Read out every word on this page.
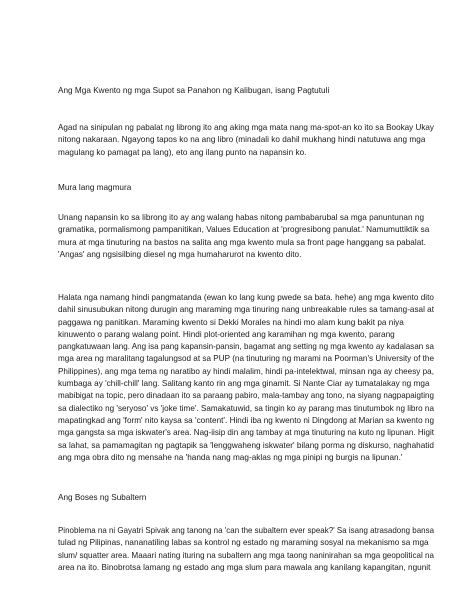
Ang Mga Kwento ng mga Supot sa Panahon ng Kalibugan, isang Pagtutuli

Agad na sinipulan ng pabalat ng librong ito ang aking mga mata nang ma-spot-an ko ito sa Bookay Ukay
nitong nakaraan. Ngayong tapos ko na ang libro (minadali ko dahil mukhang hindi natutuwa ang mga
magulang ko pamagat pa lang), eto ang ilang punto na napansin ko.

Mura lang magmura

Unang napansin ko sa librong ito ay ang walang habas nitong pambabarubal sa mga panuntunan ng
gramatika, pormalismong pampanitikan, Values Education at 'progresibong panulat.' Namumuttiktik sa
mura at mga tinuturing na bastos na salita ang mga kwento mula sa front page hanggang sa pabalat.
'Angas' ang ngsisilbing diesel ng mga humaharurot na kwento dito.

Halata nga namang hindi pangmatanda (ewan ko lang kung pwede sa bata. hehe) ang mga kwento dito
dahil sinusubukan nitong durugin ang maraming mga tinuring nang unbreakable rules sa tamang-asal at
paggawa ng panitikan. Maraming kwento si Dekki Morales na hindi mo alam kung bakit pa niya
kinuwento o parang walang point. Hindi plot-oriented ang karamihan ng mga kwento, parang
pangkatuwaan lang. Ang isa pang kapansin-pansin, bagamat ang setting ng mga kwento ay kadalasan sa
mga area ng maralitang tagalungsod at sa PUP (na tinuturing ng marami na Poorman's University of the
Philippines), ang mga tema ng naratibo ay hindi malalim, hindi pa-intelektwal, minsan nga ay cheesy pa,
kumbaga ay 'chill-chill' lang. Salitang kanto rin ang mga ginamit. Si Nante Ciar ay tumatalakay ng mga
mabibigat na topic, pero dinadaan ito sa paraang pabiro, mala-tambay ang tono, na siyang nagpapaigting
sa dialectiko ng 'seryoso' vs 'joke time'. Samakatuwid, sa tingin ko ay parang mas tinutumbok ng libro na
mapatingkad ang 'form' nito kaysa sa 'content'. Hindi iba ng kwento ni Dingdong at Marian sa kwento ng
mga gangsta sa mga iskwater's area. Nag-iisip din ang tambay at mga tinuturing na kuto ng lipunan. Higit
sa lahat, sa pamamagitan ng pagtapik sa 'lenggwaheng iskwater' bilang porma ng diskurso, naghahatid
ang mga obra dito ng mensahe na 'handa nang mag-aklas ng mga pinipi ng burgis na lipunan.'

Ang Boses ng Subaltern

Pinoblema na ni Gayatri Spivak ang tanong na 'can the subaltern ever speak?' Sa isang atrasadong bansa
tulad ng Pilipinas, nananatiling labas sa kontrol ng estado ng maraming sosyal na mekanismo sa mga
slum/ squatter area. Maaari nating ituring na subaltern ang mga taong naninirahan sa mga geopolitical na
area na ito. Binobrotsa lamang ng estado ang mga slum para mawala ang kanilang kapangitan, ngunit
